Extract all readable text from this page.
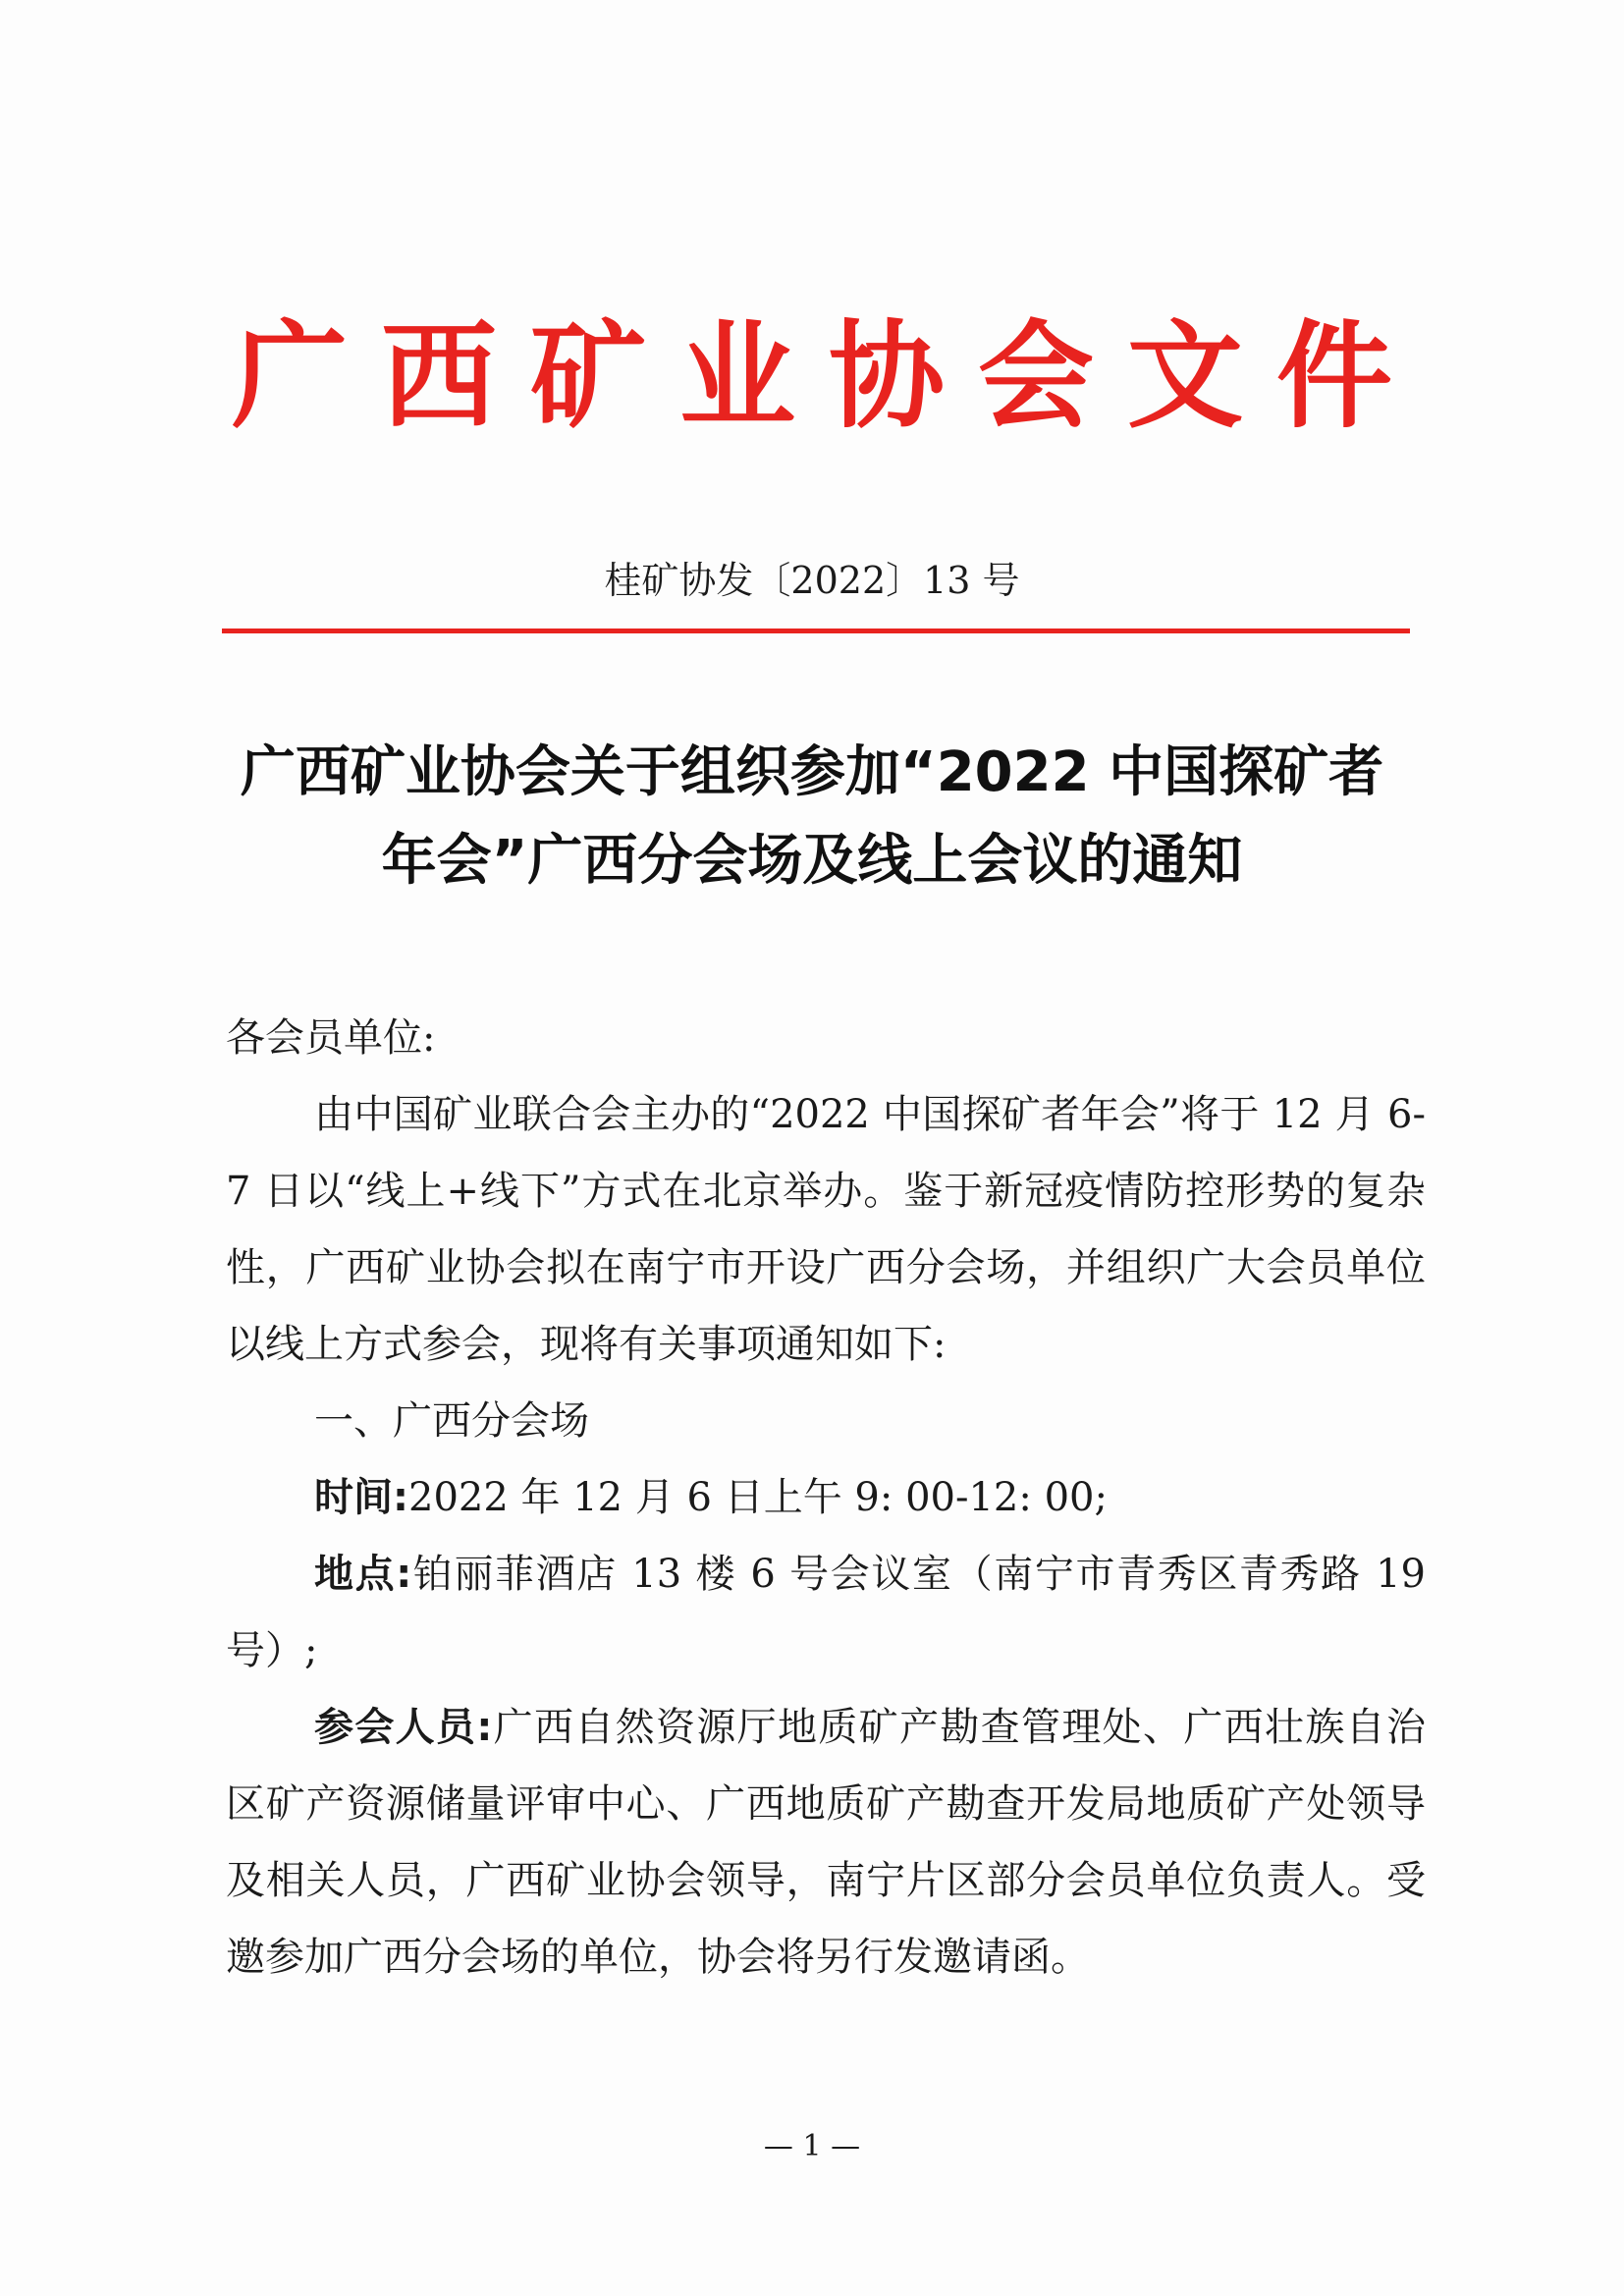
广西矿业协会文件
桂矿协发〔2022〕13 号
广西矿业协会关于组织参加“2022 中国探矿者
年会”广西分会场及线上会议的通知

各会员单位:

由中国矿业联合会主办的“2022 中国探矿者年会”将于 12 月 6-7 日以“线上+线下”方式在北京举办。鉴于新冠疫情防控形势的复杂性，广西矿业协会拟在南宁市开设广西分会场，并组织广大会员单位以线上方式参会，现将有关事项通知如下:

一、广西分会场

时间:2022 年 12 月 6 日上午 9: 00-12: 00;

地点:铂丽菲酒店 13 楼 6 号会议室（南宁市青秀区青秀路 19 号）;

参会人员:广西自然资源厅地质矿产勘查管理处、广西壮族自治区矿产资源储量评审中心、广西地质矿产勘查开发局地质矿产处领导及相关人员，广西矿业协会领导，南宁片区部分会员单位负责人。受邀参加广西分会场的单位，协会将另行发邀请函。

— 1 —
